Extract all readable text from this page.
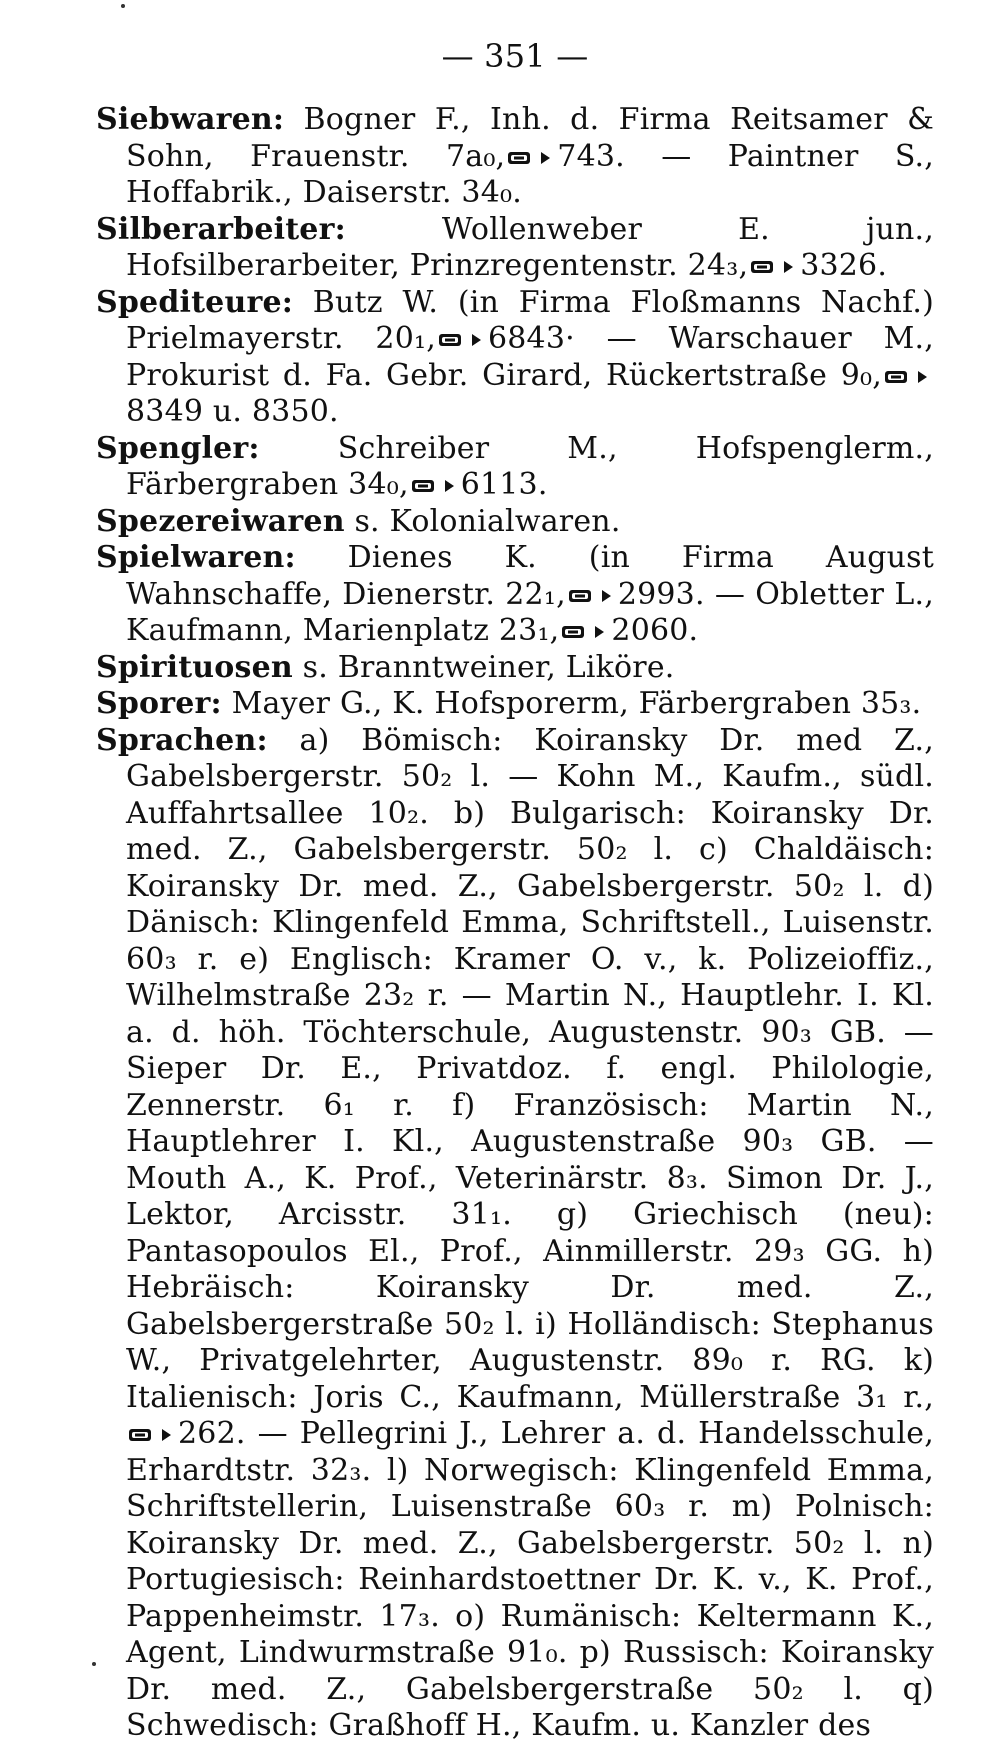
— 351 —

Siebwaren: Bogner F., Inh. d. Firma Reitsamer & Sohn, Frauenstr. 7a₀, 743. — Paintner S., Hoffabrik., Daiserstr. 34₀.

Silberarbeiter: Wollenweber E. jun., Hofsilberarbeiter, Prinzregentenstr. 24₃, 3326.

Spediteure: Butz W. (in Firma Floßmanns Nachf.) Prielmayerstr. 20₁, 6843· — Warschauer M., Prokurist d. Fa. Gebr. Girard, Rückertstraße 9₀,
8349 u. 8350.

Spengler: Schreiber M., Hofspenglerm., Färbergraben 34₀, 6113.

Spezereiwaren s. Kolonialwaren.

Spielwaren: Dienes K. (in Firma August Wahnschaffe, Dienerstr. 22₁, 2993. — Obletter L., Kaufmann, Marienplatz 23₁, 2060.

Spirituosen s. Branntweiner, Liköre.

Sporer: Mayer G., K. Hofsporerm, Färbergraben 35₃.

Sprachen: a) Bömisch: Koiransky Dr. med Z., Gabelsbergerstr. 50₂ l. — Kohn M., Kaufm., südl. Auffahrtsallee 10₂. b) Bulgarisch: Koiransky Dr. med. Z., Gabelsbergerstr. 50₂ l. c) Chaldäisch: Koiransky Dr. med. Z., Gabelsbergerstr. 50₂ l. d) Dänisch: Klingenfeld Emma, Schriftstell., Luisenstr. 60₃ r. e) Englisch: Kramer O. v., k. Polizeioffiz., Wilhelmstraße 23₂ r. — Martin N., Hauptlehr. I. Kl. a. d. höh. Töchterschule, Augustenstr. 90₃ GB. — Sieper Dr. E., Privatdoz. f. engl. Philologie, Zennerstr. 6₁ r. f) Französisch: Martin N., Hauptlehrer I. Kl., Augustenstraße 90₃ GB. — Mouth A., K. Prof., Veterinärstr. 8₃. Simon Dr. J., Lektor, Arcisstr. 31₁. g) Griechisch (neu): Pantasopoulos El., Prof., Ainmillerstr. 29₃ GG. h) Hebräisch: Koiransky Dr. med. Z., Gabelsbergerstraße 50₂ l. i) Holländisch: Stephanus W., Privatgelehrter, Augustenstr. 89₀ r. RG. k) Italienisch: Joris C., Kaufmann, Müllerstraße 3₁ r.,
262. — Pellegrini J., Lehrer a. d. Handelsschule, Erhardtstr. 32₃. l) Norwegisch: Klingenfeld Emma, Schriftstellerin, Luisenstraße 60₃ r. m) Polnisch: Koiransky Dr. med. Z., Gabelsbergerstr. 50₂ l. n) Portugiesisch: Reinhardstoettner Dr. K. v., K. Prof., Pappenheimstr. 17₃. o) Rumänisch: Keltermann K., Agent, Lindwurmstraße 91₀. p) Russisch: Koiransky Dr. med. Z., Gabelsbergerstraße 50₂ l. q) Schwedisch: Graßhoff H., Kaufm. u. Kanzler des
